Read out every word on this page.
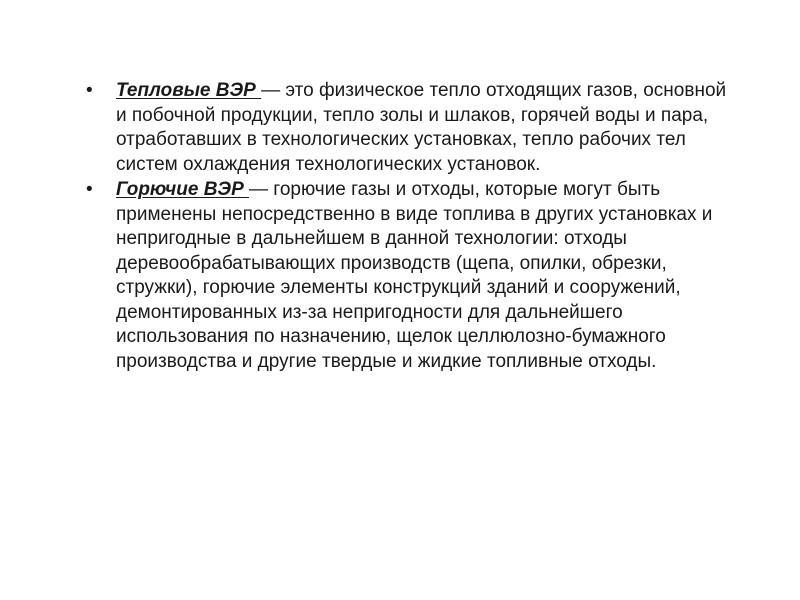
• Тепловые ВЭР — это физическое тепло отходящих газов, основной и побочной продукции, тепло золы и шлаков, горячей воды и пара, отработавших в технологических установках, тепло рабочих тел систем охлаждения технологических установок.
• Горючие ВЭР — горючие газы и отходы, которые могут быть применены непосредственно в виде топлива в других установках и непригодные в дальнейшем в данной технологии: отходы деревообрабатывающих производств (щепа, опилки, обрезки, стружки), горючие элементы конструкций зданий и сооружений, демонтированных из-за непригодности для дальнейшего использования по назначению, щелок целлюлозно-бумажного производства и другие твердые и жидкие топливные отходы.
